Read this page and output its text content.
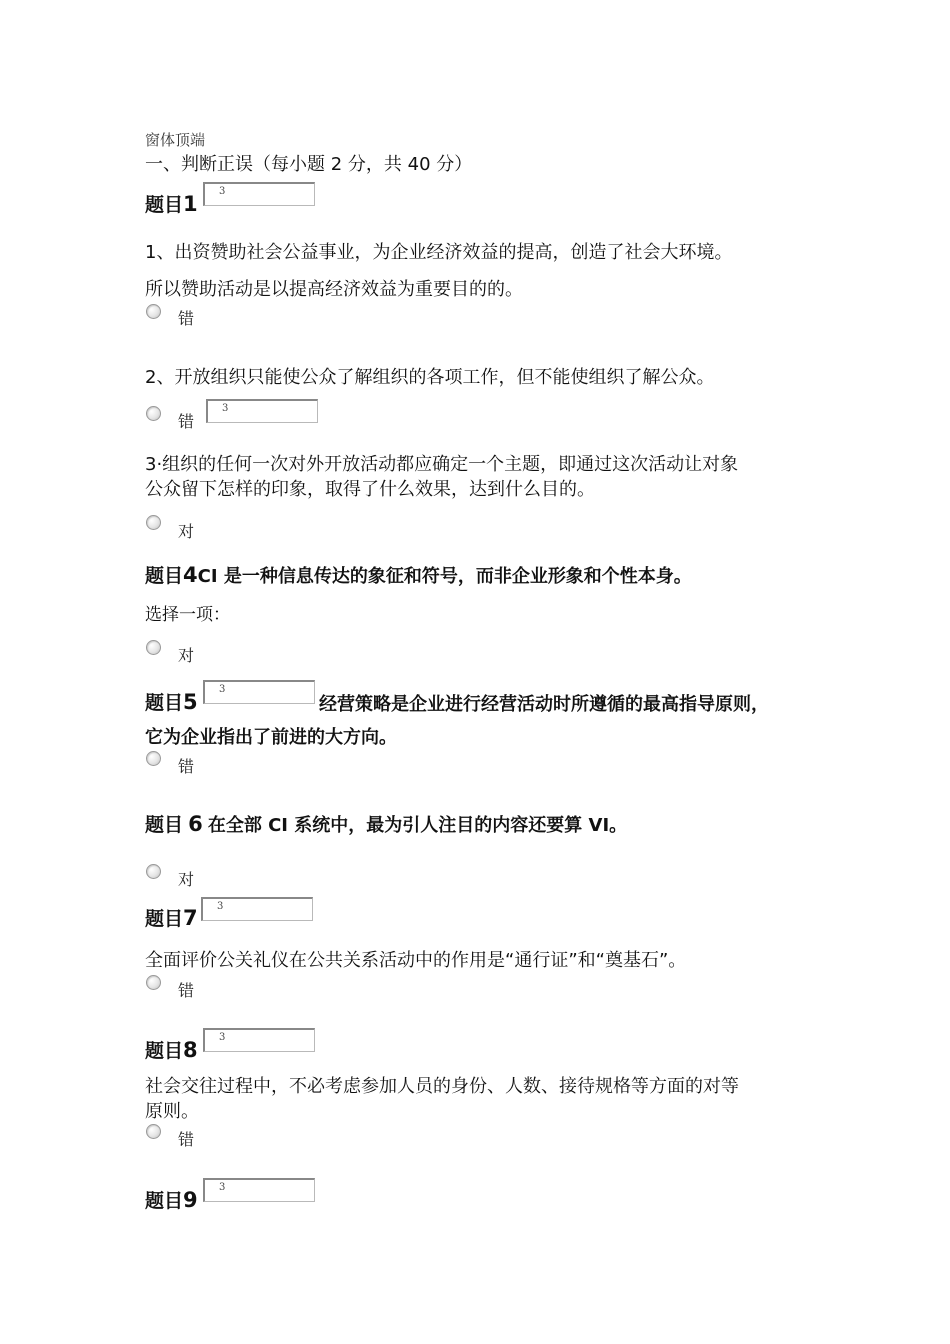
窗体顶端
一、判断正误（每小题 2 分，共 40 分）
题目1
3
1、出资赞助社会公益事业，为企业经济效益的提高，创造了社会大环境。
所以赞助活动是以提高经济效益为重要目的的。
错
2、开放组织只能使公众了解组织的各项工作，但不能使组织了解公众。
错
3
3·组织的任何一次对外开放活动都应确定一个主题，即通过这次活动让对象
公众留下怎样的印象，取得了什么效果，达到什么目的。
对
题目4CI 是一种信息传达的象征和符号，而非企业形象和个性本身。
选择一项：
对
题目5
3
经营策略是企业进行经营活动时所遵循的最高指导原则，
它为企业指出了前进的大方向。
错
题目 6 在全部 CI 系统中，最为引人注目的内容还要算 VI。
对
题目7	3
全面评价公关礼仪在公共关系活动中的作用是“通行证”和“奠基石”。
错
题目8
3
社会交往过程中，不必考虑参加人员的身份、人数、接待规格等方面的对等
原则。
错
题目9
3
